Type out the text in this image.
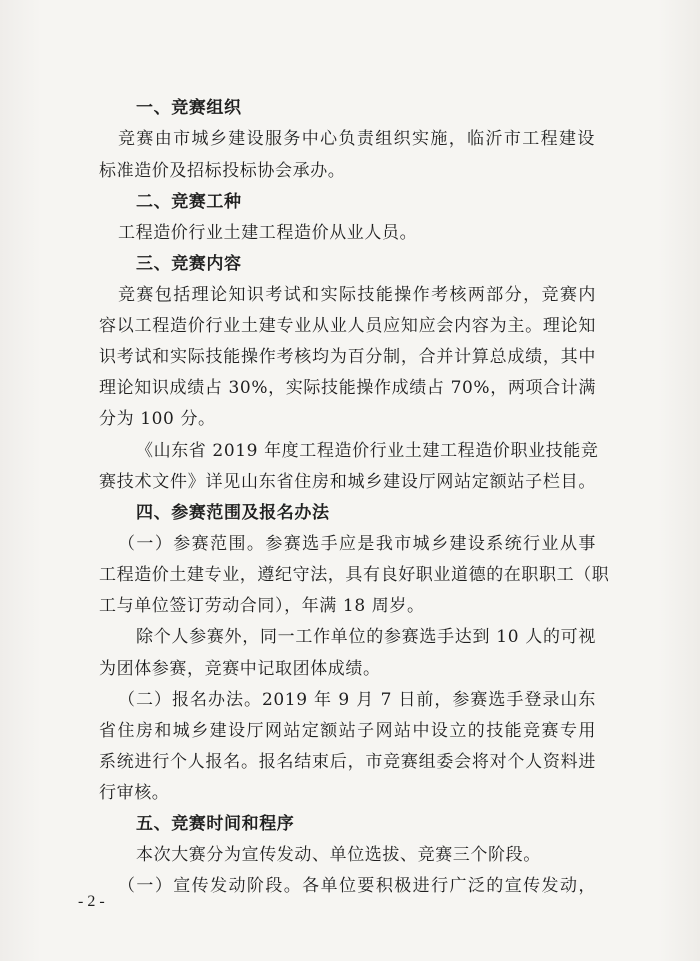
一、竞赛组织
竞赛由市城乡建设服务中心负责组织实施，临沂市工程建设
标准造价及招标投标协会承办。
二、竞赛工种
工程造价行业土建工程造价从业人员。
三、竞赛内容
竞赛包括理论知识考试和实际技能操作考核两部分，竞赛内
容以工程造价行业土建专业从业人员应知应会内容为主。理论知
识考试和实际技能操作考核均为百分制，合并计算总成绩，其中
理论知识成绩占 30%，实际技能操作成绩占 70%，两项合计满
分为 100 分。
《山东省 2019 年度工程造价行业土建工程造价职业技能竞
赛技术文件》详见山东省住房和城乡建设厅网站定额站子栏目。
四、参赛范围及报名办法
（一）参赛范围。参赛选手应是我市城乡建设系统行业从事
工程造价土建专业，遵纪守法，具有良好职业道德的在职职工（职
工与单位签订劳动合同），年满 18 周岁。
除个人参赛外，同一工作单位的参赛选手达到 10 人的可视
为团体参赛，竞赛中记取团体成绩。
（二）报名办法。2019 年 9 月 7 日前，参赛选手登录山东
省住房和城乡建设厅网站定额站子网站中设立的技能竞赛专用
系统进行个人报名。报名结束后，市竞赛组委会将对个人资料进
行审核。
五、竞赛时间和程序
本次大赛分为宣传发动、单位选拔、竞赛三个阶段。
（一）宣传发动阶段。各单位要积极进行广泛的宣传发动，
- 2 -
